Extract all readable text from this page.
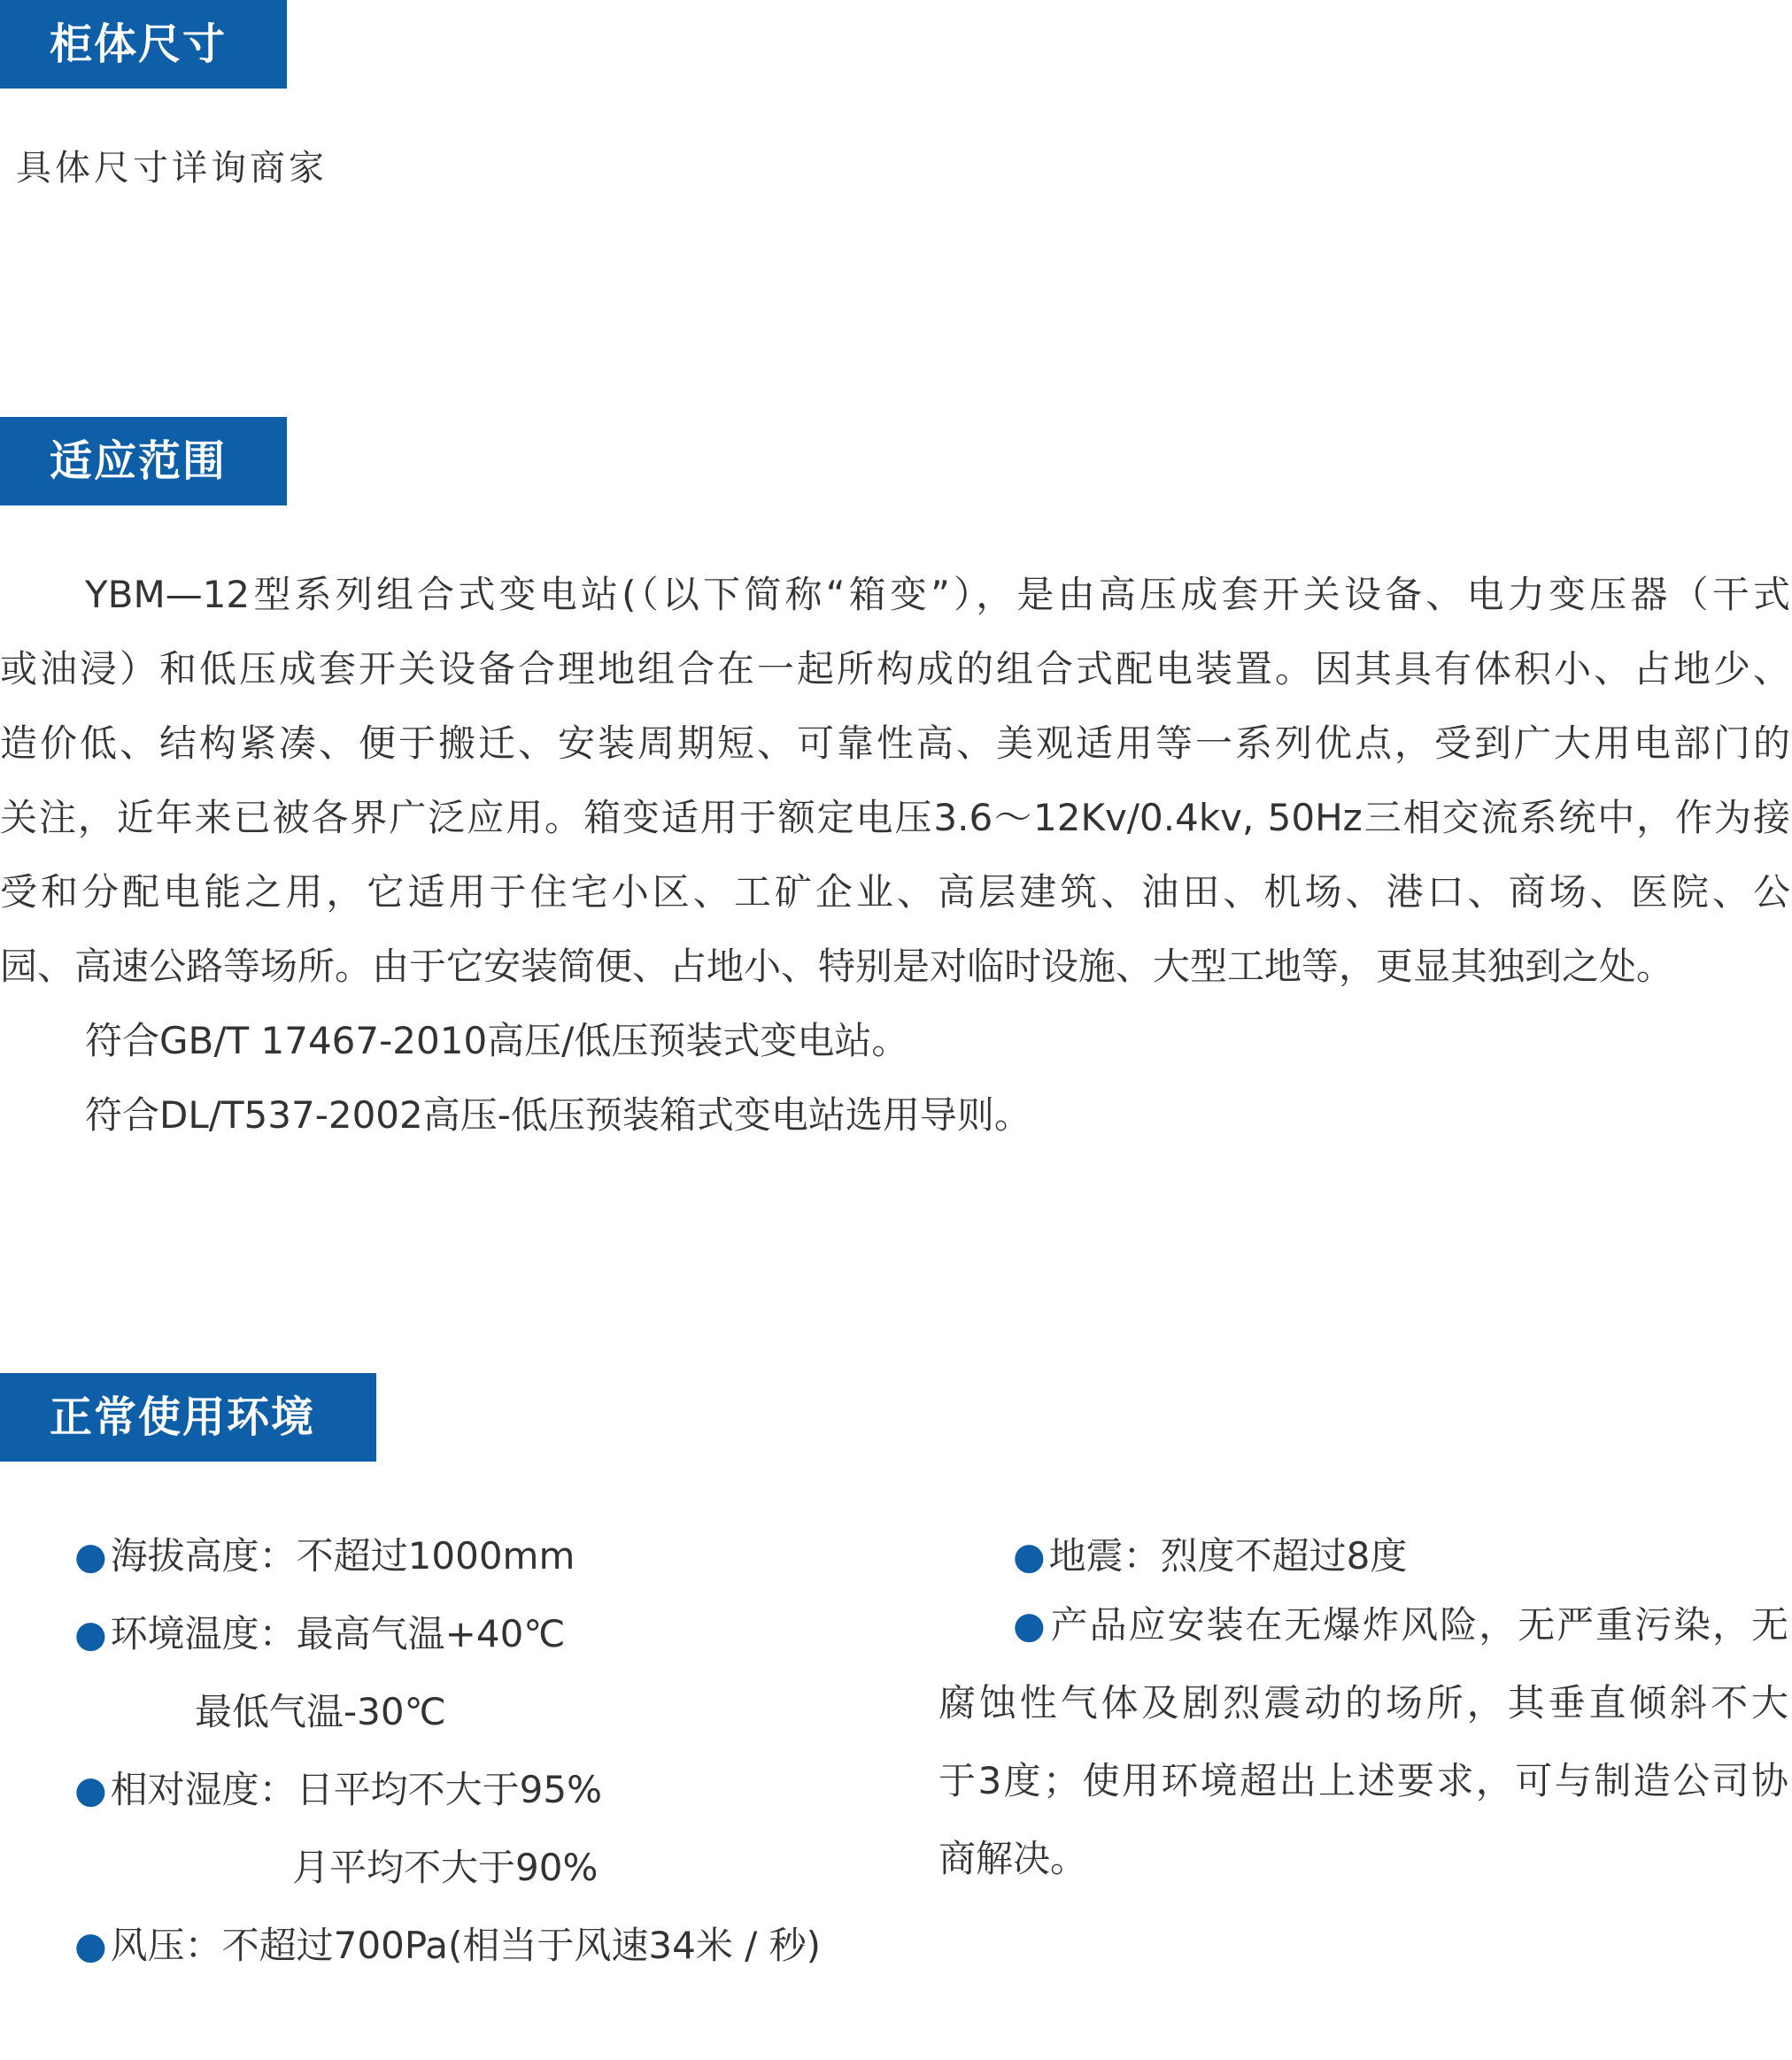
柜体尺寸
具体尺寸详询商家
适应范围
YBM—12型系列组合式变电站(（以下简称“箱变”），是由高压成套开关设备、电力变压器（干式
或油浸）和低压成套开关设备合理地组合在一起所构成的组合式配电装置。因其具有体积小、占地少、
造价低、结构紧凑、便于搬迁、安装周期短、可靠性高、美观适用等一系列优点，受到广大用电部门的
关注，近年来已被各界广泛应用。箱变适用于额定电压3.6～12Kv/0.4kv, 50Hz三相交流系统中，作为接
受和分配电能之用，它适用于住宅小区、工矿企业、高层建筑、油田、机场、港口、商场、医院、公
园、高速公路等场所。由于它安装简便、占地小、特别是对临时设施、大型工地等，更显其独到之处。
符合GB/T 17467-2010高压/低压预装式变电站。
符合DL/T537-2002高压-低压预装箱式变电站选用导则。
正常使用环境
●海拔高度：不超过1000mm
●环境温度：最高气温+40℃
最低气温-30℃
●相对湿度：日平均不大于95%
月平均不大于90%
●风压：不超过700Pa(相当于风速34米 / 秒)
●地震：烈度不超过8度
●产品应安装在无爆炸风险，无严重污染，无
腐蚀性气体及剧烈震动的场所，其垂直倾斜不大
于3度；使用环境超出上述要求，可与制造公司协
商解决。
